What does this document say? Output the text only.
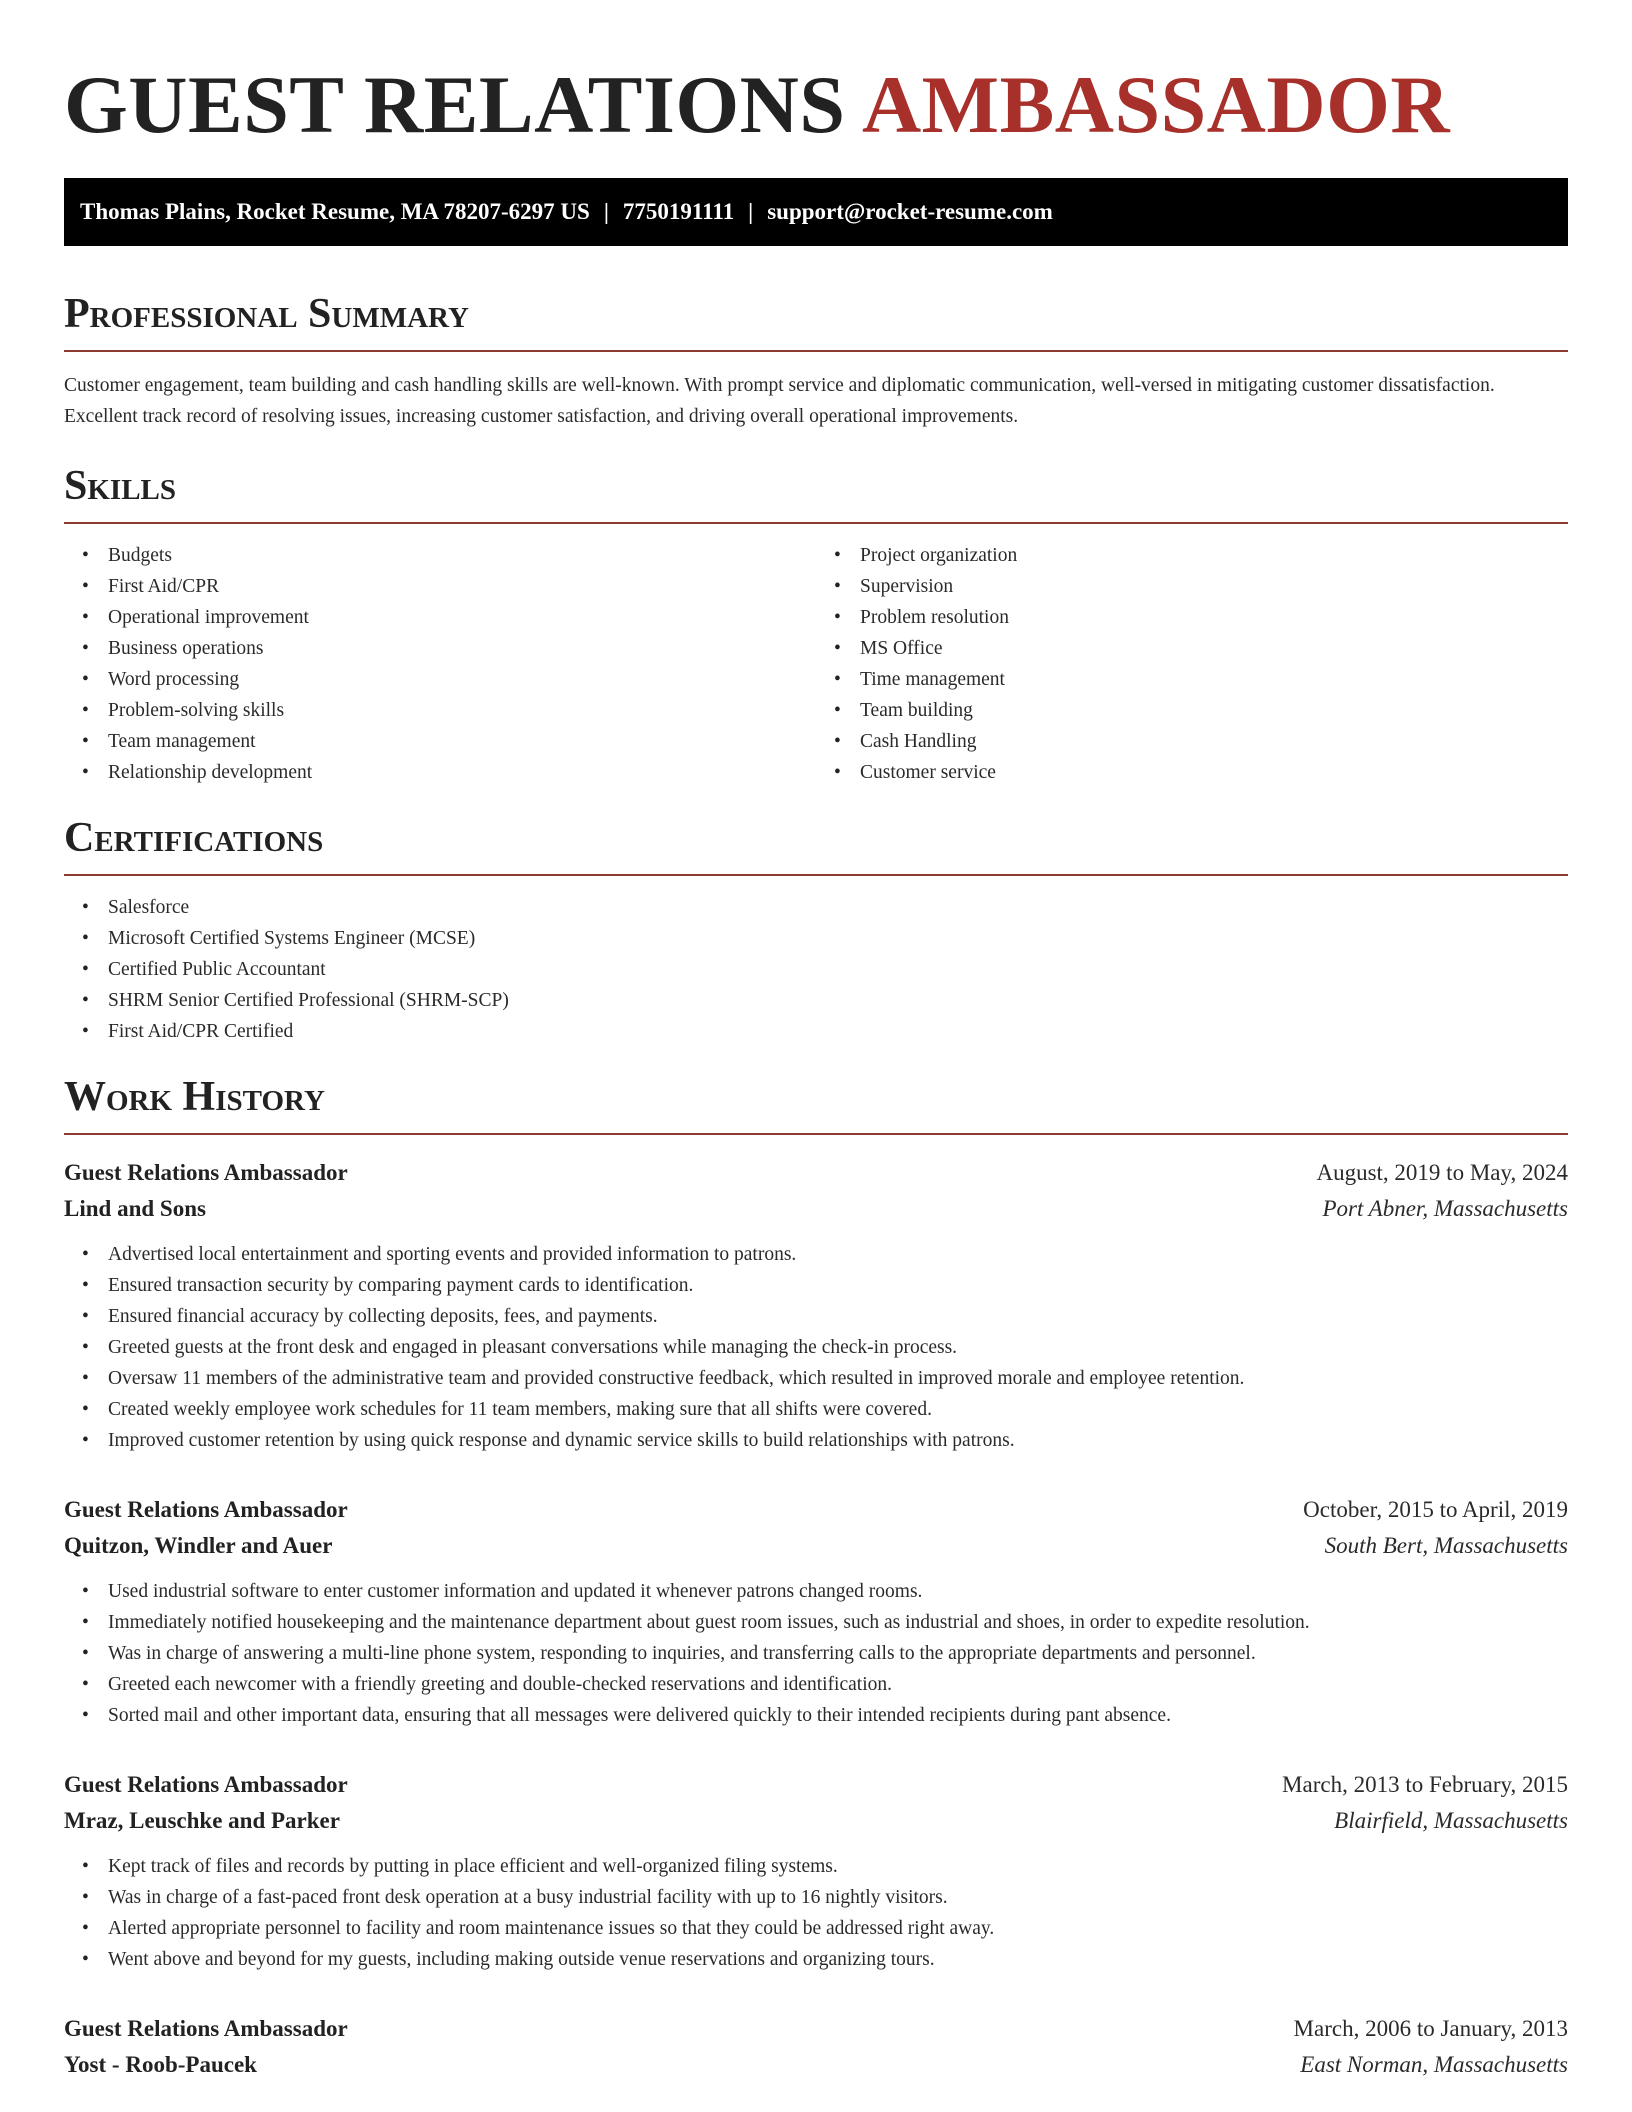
GUEST RELATIONS AMBASSADOR
Thomas Plains, Rocket Resume, MA 78207-6297 US | 7750191111 | support@rocket-resume.com
Professional Summary

Customer engagement, team building and cash handling skills are well-known. With prompt service and diplomatic communication, well-versed in mitigating customer dissatisfaction. Excellent track record of resolving issues, increasing customer satisfaction, and driving overall operational improvements.

Skills
• Budgets
• First Aid/CPR
• Operational improvement
• Business operations
• Word processing
• Problem-solving skills
• Team management
• Relationship development
• Project organization
• Supervision
• Problem resolution
• MS Office
• Time management
• Team building
• Cash Handling
• Customer service
Certifications
• Salesforce
• Microsoft Certified Systems Engineer (MCSE)
• Certified Public Accountant
• SHRM Senior Certified Professional (SHRM-SCP)
• First Aid/CPR Certified
Work History
Guest Relations Ambassador	August, 2019 to May, 2024
Lind and Sons	Port Abner, Massachusetts
• Advertised local entertainment and sporting events and provided information to patrons.
• Ensured transaction security by comparing payment cards to identification.
• Ensured financial accuracy by collecting deposits, fees, and payments.
• Greeted guests at the front desk and engaged in pleasant conversations while managing the check-in process.
• Oversaw 11 members of the administrative team and provided constructive feedback, which resulted in improved morale and employee retention.
• Created weekly employee work schedules for 11 team members, making sure that all shifts were covered.
• Improved customer retention by using quick response and dynamic service skills to build relationships with patrons.
Guest Relations Ambassador	October, 2015 to April, 2019
Quitzon, Windler and Auer	South Bert, Massachusetts
• Used industrial software to enter customer information and updated it whenever patrons changed rooms.
• Immediately notified housekeeping and the maintenance department about guest room issues, such as industrial and shoes, in order to expedite resolution.
• Was in charge of answering a multi-line phone system, responding to inquiries, and transferring calls to the appropriate departments and personnel.
• Greeted each newcomer with a friendly greeting and double-checked reservations and identification.
• Sorted mail and other important data, ensuring that all messages were delivered quickly to their intended recipients during pant absence.
Guest Relations Ambassador	March, 2013 to February, 2015
Mraz, Leuschke and Parker	Blairfield, Massachusetts
• Kept track of files and records by putting in place efficient and well-organized filing systems.
• Was in charge of a fast-paced front desk operation at a busy industrial facility with up to 16 nightly visitors.
• Alerted appropriate personnel to facility and room maintenance issues so that they could be addressed right away.
• Went above and beyond for my guests, including making outside venue reservations and organizing tours.
Guest Relations Ambassador	March, 2006 to January, 2013
Yost - Roob-Paucek	East Norman, Massachusetts
